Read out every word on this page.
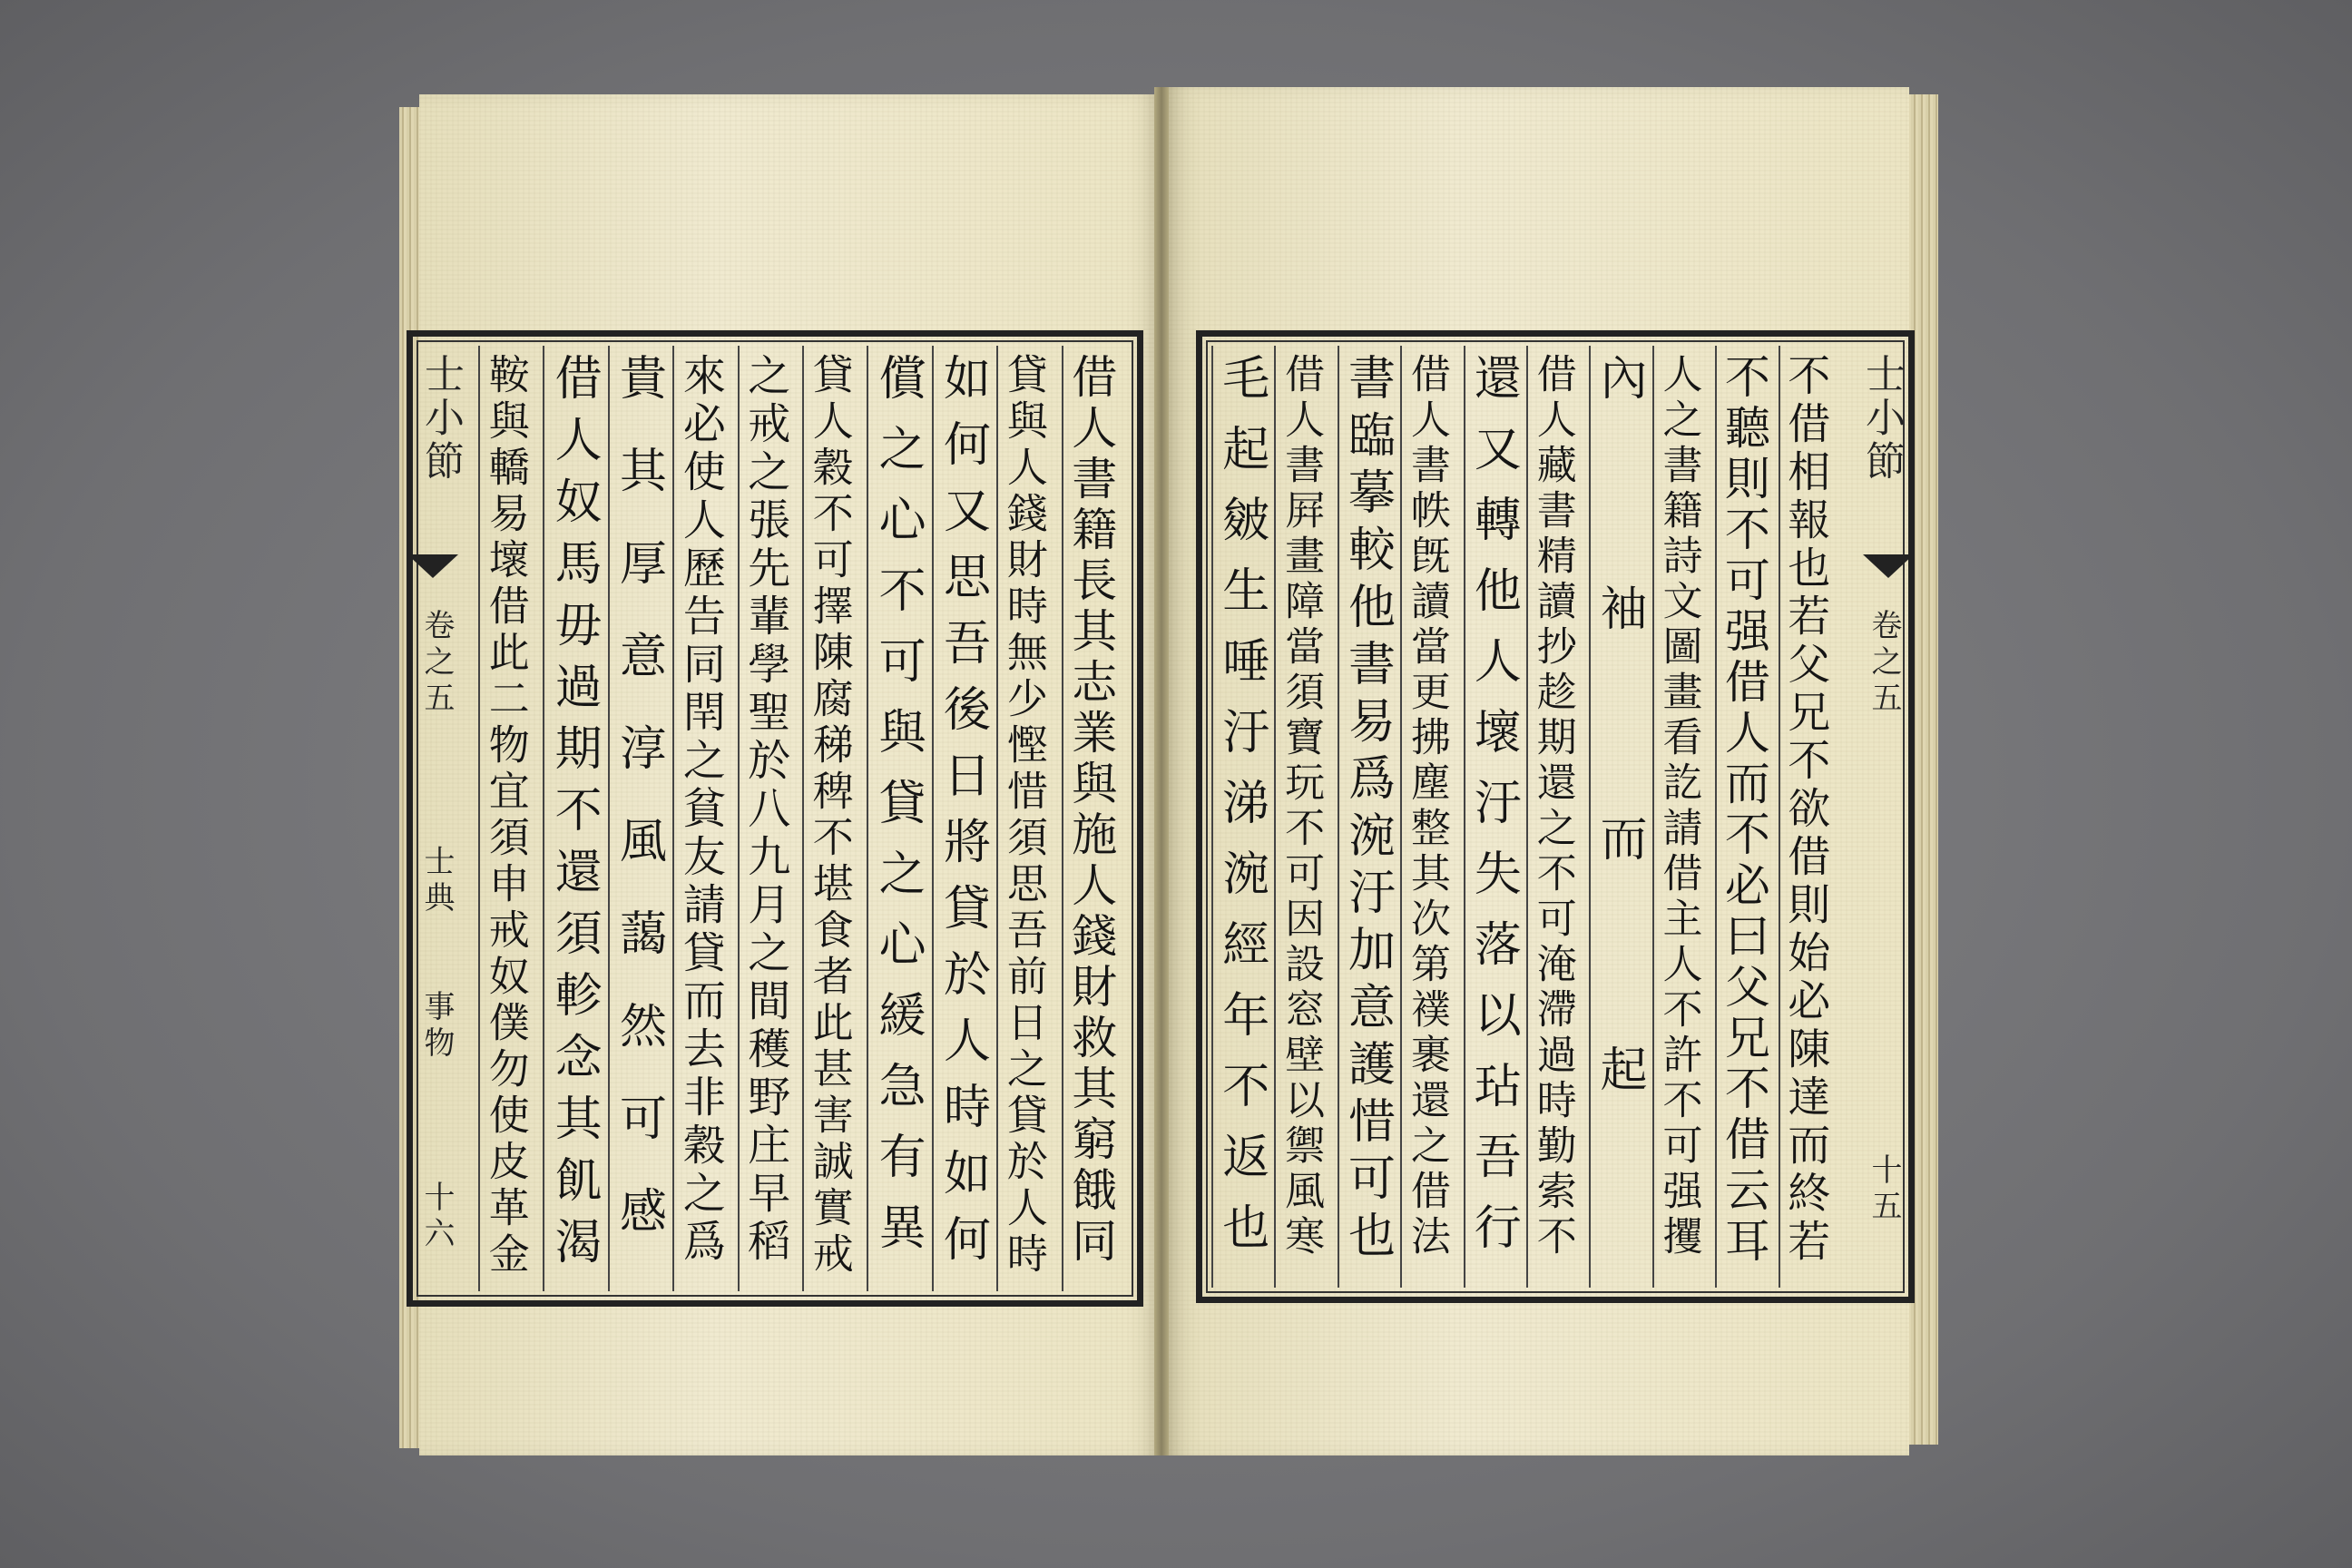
借人書籍長其志業與施人錢財救其窮餓同
貸與人錢財時無少慳惜須思吾前日之貸於人時
如何又思吾後日將貸於人時如何
償之心不可與貸之心緩急有異
貸人穀不可擇陳腐稊稗不堪食者此甚害誠實戒
之戒之張先輩學聖於八九月之間穫野庄早稻
來必使人歷告同閈之貧友請貸而去非穀之爲
貴其厚意淳風藹然可感
借人奴馬毋過期不還須軫念其飢渴
鞍與轎易壞借此二物宜須申戒奴僕勿使皮革金
士小節
卷之五
士典
事物
十六	不借相報也若父兄不欲借則始必陳達而終若
不聽則不可强借人而不必曰父兄不借云耳
人之書籍詩文圖畫看訖請借主人不許不可强攫
內袖而起
借人藏書精讀抄趁期還之不可淹滯過時勤索不
還又轉他人壞汙失落以玷吾行
借人書帙旣讀當更拂塵整其次第襆裹還之借法
書臨摹較他書易爲涴汙加意護惜可也
借人書屛畫障當須寶玩不可因設窓壁以禦風寒
毛起皴生唾汙涕涴經年不返也	士小節
卷之五
十五
